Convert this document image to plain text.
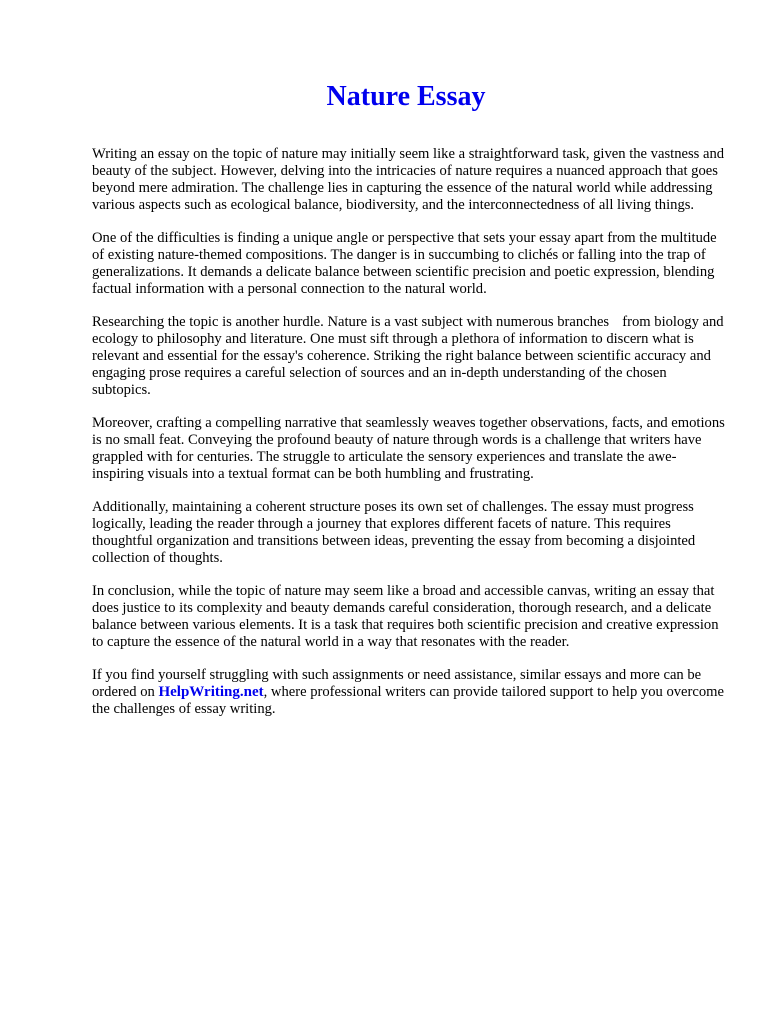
Nature Essay

Writing an essay on the topic of nature may initially seem like a straightforward task, given the vastness and beauty of the subject. However, delving into the intricacies of nature requires a nuanced approach that goes beyond mere admiration. The challenge lies in capturing the essence of the natural world while addressing various aspects such as ecological balance, biodiversity, and the interconnectedness of all living things.

One of the difficulties is finding a unique angle or perspective that sets your essay apart from the multitude of existing nature-themed compositions. The danger is in succumbing to clichés or falling into the trap of generalizations. It demands a delicate balance between scientific precision and poetic expression, blending factual information with a personal connection to the natural world.

Researching the topic is another hurdle. Nature is a vast subject with numerous branches from biology and ecology to philosophy and literature. One must sift through a plethora of information to discern what is relevant and essential for the essay's coherence. Striking the right balance between scientific accuracy and engaging prose requires a careful selection of sources and an in-depth understanding of the chosen subtopics.

Moreover, crafting a compelling narrative that seamlessly weaves together observations, facts, and emotions is no small feat. Conveying the profound beauty of nature through words is a challenge that writers have grappled with for centuries. The struggle to articulate the sensory experiences and translate the awe-inspiring visuals into a textual format can be both humbling and frustrating.

Additionally, maintaining a coherent structure poses its own set of challenges. The essay must progress logically, leading the reader through a journey that explores different facets of nature. This requires thoughtful organization and transitions between ideas, preventing the essay from becoming a disjointed collection of thoughts.

In conclusion, while the topic of nature may seem like a broad and accessible canvas, writing an essay that does justice to its complexity and beauty demands careful consideration, thorough research, and a delicate balance between various elements. It is a task that requires both scientific precision and creative expression to capture the essence of the natural world in a way that resonates with the reader.

If you find yourself struggling with such assignments or need assistance, similar essays and more can be ordered on HelpWriting.net, where professional writers can provide tailored support to help you overcome the challenges of essay writing.
